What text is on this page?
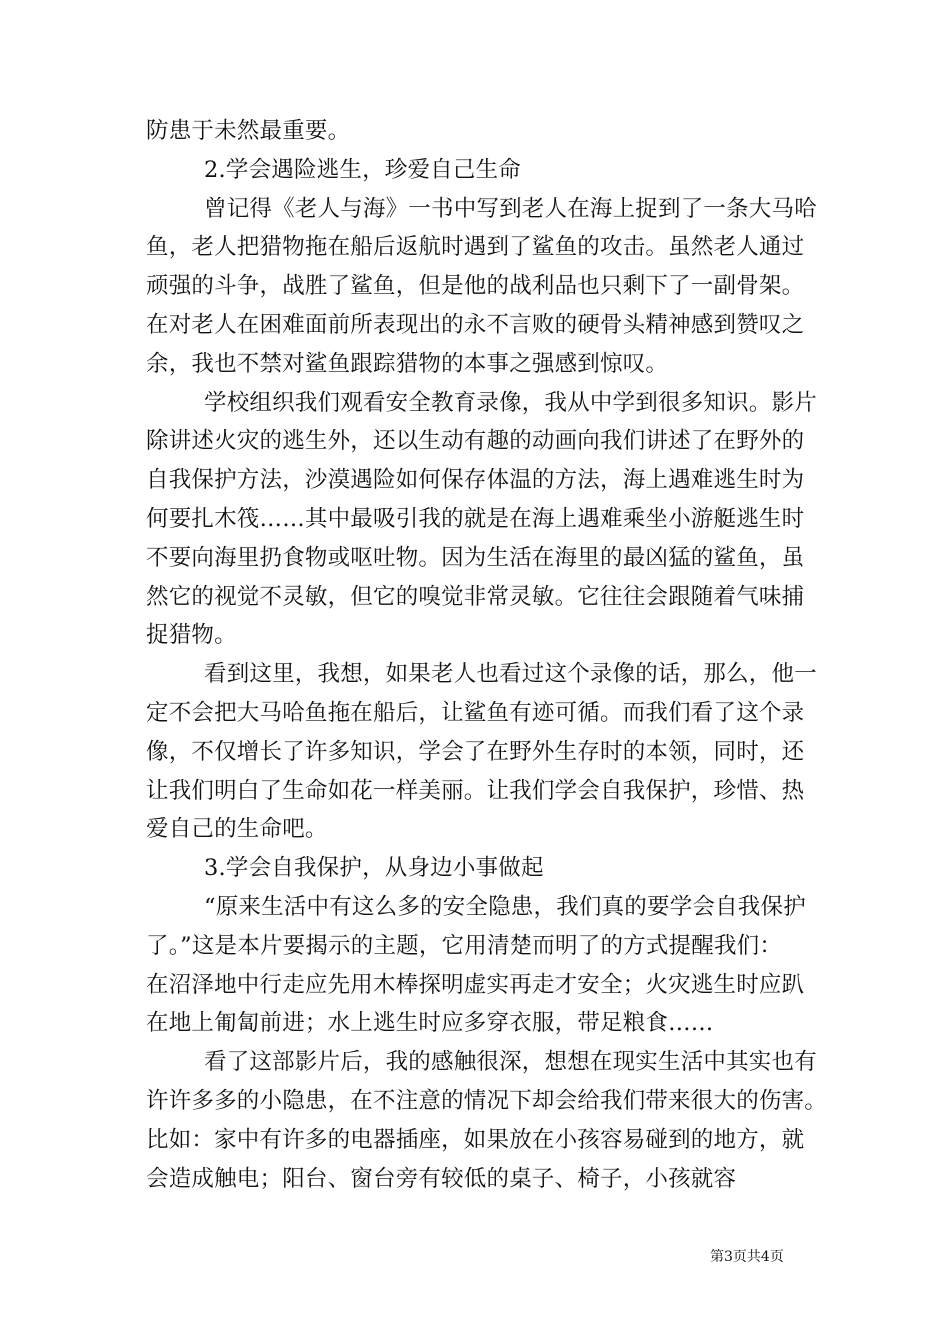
防患于未然最重要。
2.学会遇险逃生，珍爱自己生命
曾记得《老人与海》一书中写到老人在海上捉到了一条大马哈
鱼，老人把猎物拖在船后返航时遇到了鲨鱼的攻击。虽然老人通过
顽强的斗争，战胜了鲨鱼，但是他的战利品也只剩下了一副骨架。
在对老人在困难面前所表现出的永不言败的硬骨头精神感到赞叹之
余，我也不禁对鲨鱼跟踪猎物的本事之强感到惊叹。
学校组织我们观看安全教育录像，我从中学到很多知识。影片
除讲述火灾的逃生外，还以生动有趣的动画向我们讲述了在野外的
自我保护方法，沙漠遇险如何保存体温的方法，海上遇难逃生时为
何要扎木筏……其中最吸引我的就是在海上遇难乘坐小游艇逃生时
不要向海里扔食物或呕吐物。因为生活在海里的最凶猛的鲨鱼，虽
然它的视觉不灵敏，但它的嗅觉非常灵敏。它往往会跟随着气味捕
捉猎物。
看到这里，我想，如果老人也看过这个录像的话，那么，他一
定不会把大马哈鱼拖在船后，让鲨鱼有迹可循。而我们看了这个录
像，不仅增长了许多知识，学会了在野外生存时的本领，同时，还
让我们明白了生命如花一样美丽。让我们学会自我保护，珍惜、热
爱自己的生命吧。
3.学会自我保护，从身边小事做起
“原来生活中有这么多的安全隐患，我们真的要学会自我保护
了。”这是本片要揭示的主题，它用清楚而明了的方式提醒我们：
在沼泽地中行走应先用木棒探明虚实再走才安全；火灾逃生时应趴
在地上匍匐前进；水上逃生时应多穿衣服，带足粮食……
看了这部影片后，我的感触很深，想想在现实生活中其实也有
许许多多的小隐患，在不注意的情况下却会给我们带来很大的伤害。
比如：家中有许多的电器插座，如果放在小孩容易碰到的地方，就
会造成触电；阳台、窗台旁有较低的桌子、椅子，小孩就容
第3页共4页
